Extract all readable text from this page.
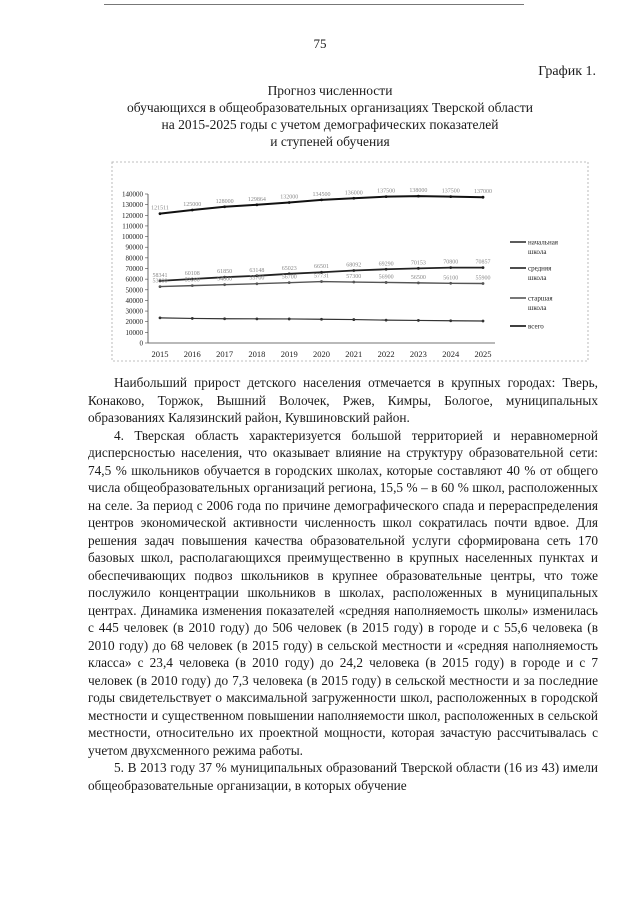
75
График 1.
Прогноз численности
обучающихся в общеобразовательных организациях Тверской области
на 2015-2025 годы с учетом демографических показателей
и ступеней обучения
0
10000
20000
30000
40000
50000
60000
70000
80000
90000
100000
110000
120000
130000
140000
2015 2016 2017 2018 2019 2020 2021 2022 2023 2024 2025
58341	60108	61850	63148	65023	66501	68092	69290	70153	70800	70857
53000	53900	54800	55700	56700	57731	57300	56900	56500	56100	55900
121511
125000
128000 129864 132000 134500 136000 137500 138000 137500 137000
начальная
школа
средняя
школа
старшая
школа
всего

Наибольший прирост детского населения отмечается в крупных городах: Тверь, Конаково, Торжок, Вышний Волочек, Ржев, Кимры, Бологое, муниципальных образованиях Калязинский район, Кувшиновский район.

4. Тверская область характеризуется большой территорией и неравномерной дисперсностью населения, что оказывает влияние на структуру образовательной сети: 74,5 % школьников обучается в городских школах, которые составляют 40 % от общего числа общеобразовательных организаций региона, 15,5 % – в 60 % школ, расположенных на селе. За период с 2006 года по причине демографического спада и перераспределения центров экономической активности численность школ сократилась почти вдвое. Для решения задач повышения качества образовательной услуги сформирована сеть 170 базовых школ, располагающихся преимущественно в крупных населенных пунктах и обеспечивающих подвоз школьников в крупнее образовательные центры, что тоже послужило концентрации школьников в школах, расположенных в муниципальных центрах. Динамика изменения показателей «средняя наполняемость школы» изменилась с 445 человек (в 2010 году) до 506 человек (в 2015 году) в городе и с 55,6 человека (в 2010 году) до 68 человек (в 2015 году) в сельской местности и «средняя наполняемость класса» с 23,4 человека (в 2010 году) до 24,2 человека (в 2015 году) в городе и с 7 человек (в 2010 году) до 7,3 человека (в 2015 году) в сельской местности и за последние годы свидетельствует о максимальной загруженности школ, расположенных в городской местности и существенном повышении наполняемости школ, расположенных в сельской местности, относительно их проектной мощности, которая зачастую рассчитывалась с учетом двухсменного режима работы.

5. В 2013 году 37 % муниципальных образований Тверской области (16 из 43) имели общеобразовательные организации, в которых обучение
